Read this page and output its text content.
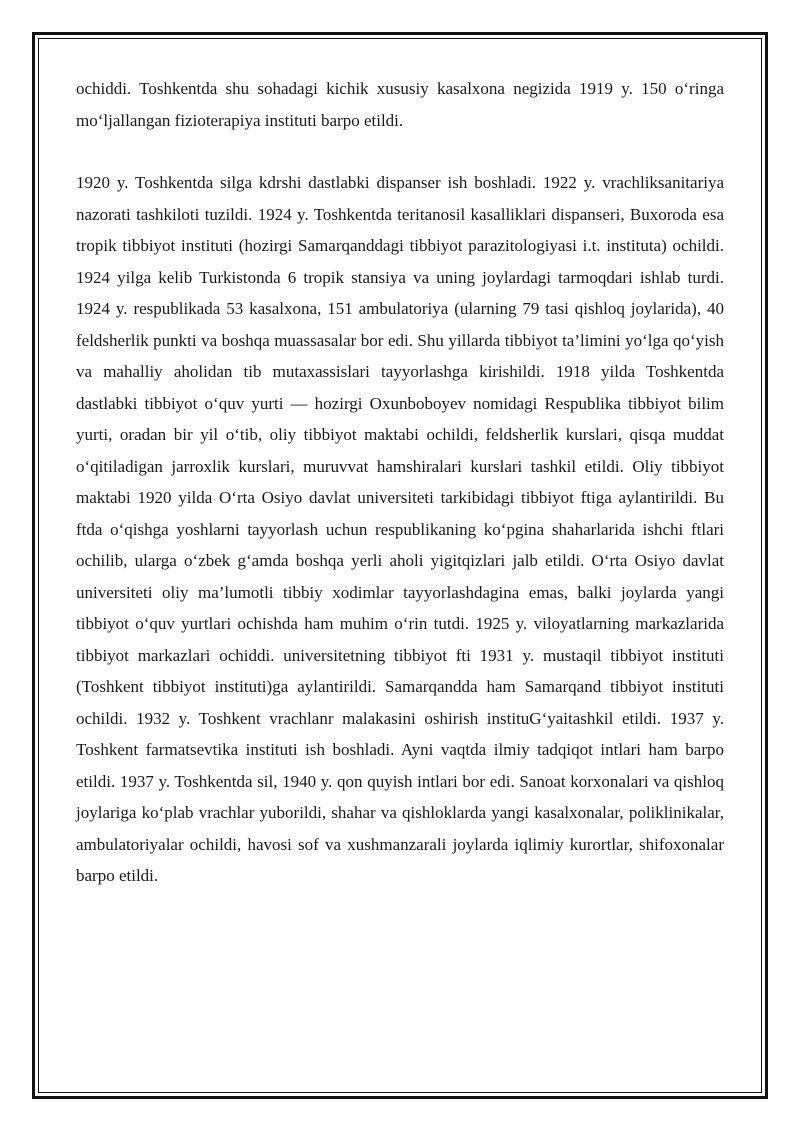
ochiddi. Toshkentda shu sohadagi kichik xususiy kasalxona negizida 1919 y. 150 o‘ringa mo‘ljallangan fizioterapiya instituti barpo etildi.

1920 y. Toshkentda silga kdrshi dastlabki dispanser ish boshladi. 1922 y. vrachliksanitariya nazorati tashkiloti tuzildi. 1924 y. Toshkentda teritanosil kasalliklari dispanseri, Buxoroda esa tropik tibbiyot instituti (hozirgi Samarqanddagi tibbiyot parazitologiyasi i.t. instituta) ochildi. 1924 yilga kelib Turkistonda 6 tropik stansiya va uning joylardagi tarmoqdari ishlab turdi. 1924 y. respublikada 53 kasalxona, 151 ambulatoriya (ularning 79 tasi qishloq joylarida), 40 feldsherlik punkti va boshqa muassasalar bor edi. Shu yillarda tibbiyot ta’limini yo‘lga qo‘yish va mahalliy aholidan tib mutaxassislari tayyorlashga kirishildi. 1918 yilda Toshkentda dastlabki tibbiyot o‘quv yurti — hozirgi Oxunboboyev nomidagi Respublika tibbiyot bilim yurti, oradan bir yil o‘tib, oliy tibbiyot maktabi ochildi, feldsherlik kurslari, qisqa muddat o‘qitiladigan jarroxlik kurslari, muruvvat hamshiralari kurslari tashkil etildi. Oliy tibbiyot maktabi 1920 yilda O‘rta Osiyo davlat universiteti tarkibidagi tibbiyot ftiga aylantirildi. Bu ftda o‘qishga yoshlarni tayyorlash uchun respublikaning ko‘pgina shaharlarida ishchi ftlari ochilib, ularga o‘zbek g‘amda boshqa yerli aholi yigitqizlari jalb etildi. O‘rta Osiyo davlat universiteti oliy ma’lumotli tibbiy xodimlar tayyorlashdagina emas, balki joylarda yangi tibbiyot o‘quv yurtlari ochishda ham muhim o‘rin tutdi. 1925 y. viloyatlarning markazlarida tibbiyot markazlari ochiddi. universitetning tibbiyot fti 1931 y. mustaqil tibbiyot instituti (Toshkent tibbiyot instituti)ga aylantirildi. Samarqandda ham Samarqand tibbiyot instituti ochildi. 1932 y. Toshkent vrachlanr malakasini oshirish instituG‘yaitashkil etildi. 1937 y. Toshkent farmatsevtika instituti ish boshladi. Ayni vaqtda ilmiy tadqiqot intlari ham barpo etildi. 1937 y. Toshkentda sil, 1940 y. qon quyish intlari bor edi. Sanoat korxonalari va qishloq joylariga ko‘plab vrachlar yuborildi, shahar va qishloklarda yangi kasalxonalar, poliklinikalar, ambulatoriyalar ochildi, havosi sof va xushmanzarali joylarda iqlimiy kurortlar, shifoxonalar barpo etildi.
